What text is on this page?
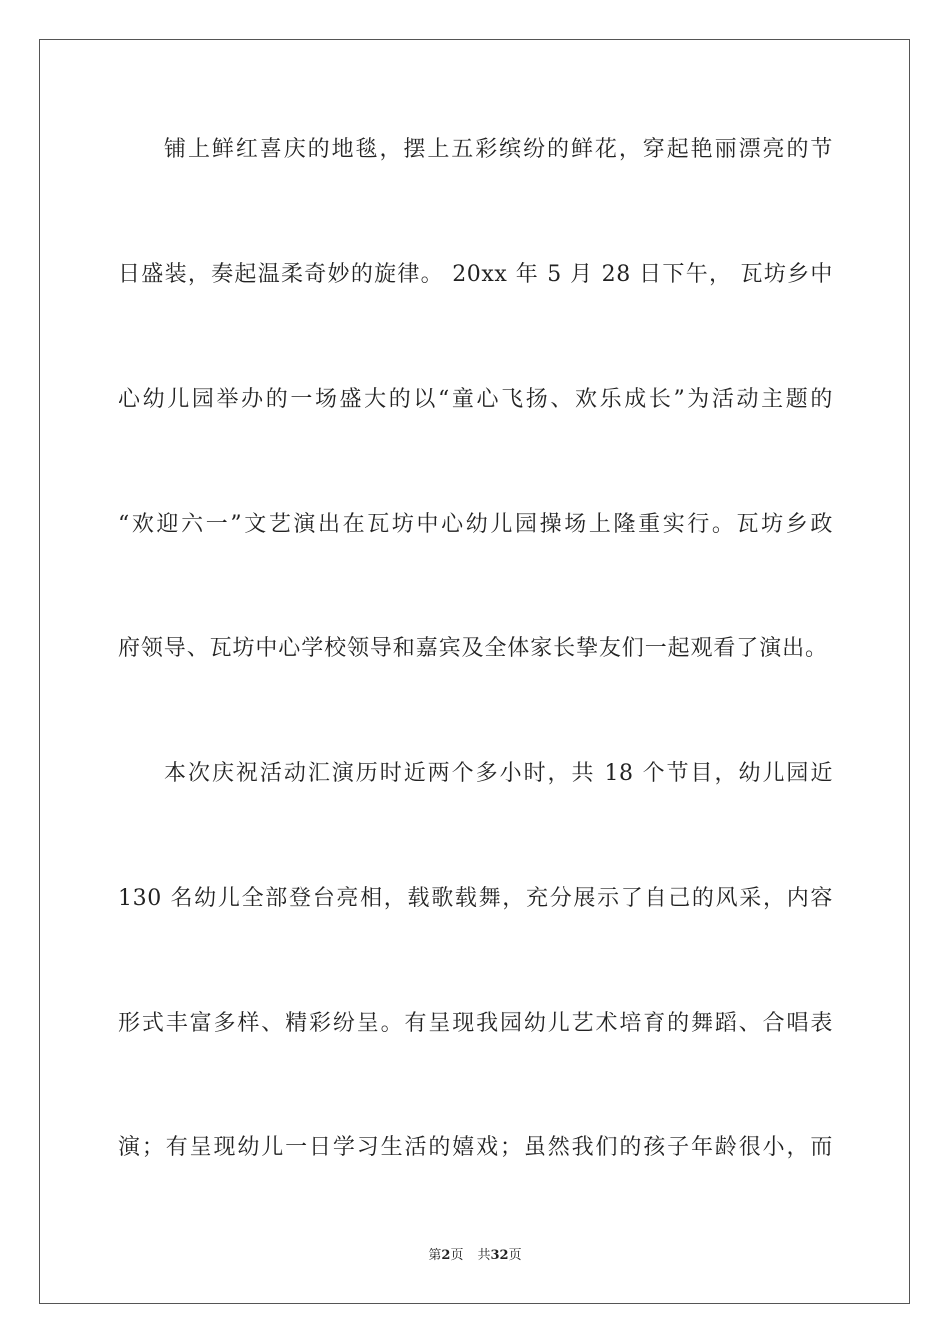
铺上鲜红喜庆的地毯，摆上五彩缤纷的鲜花，穿起艳丽漂亮的节
日盛装，奏起温柔奇妙的旋律。 20xx 年 5 月 28 日下午， 瓦坊乡中
心幼儿园举办的一场盛大的以“童心飞扬、欢乐成长”为活动主题的
“欢迎六一”文艺演出在瓦坊中心幼儿园操场上隆重实行。瓦坊乡政
府领导、瓦坊中心学校领导和嘉宾及全体家长挚友们一起观看了演出。
本次庆祝活动汇演历时近两个多小时，共 18 个节目，幼儿园近
130 名幼儿全部登台亮相，载歌载舞，充分展示了自己的风采，内容
形式丰富多样、精彩纷呈。有呈现我园幼儿艺术培育的舞蹈、合唱表
演；有呈现幼儿一日学习生活的嬉戏；虽然我们的孩子年龄很小，而
第2页 共32页
